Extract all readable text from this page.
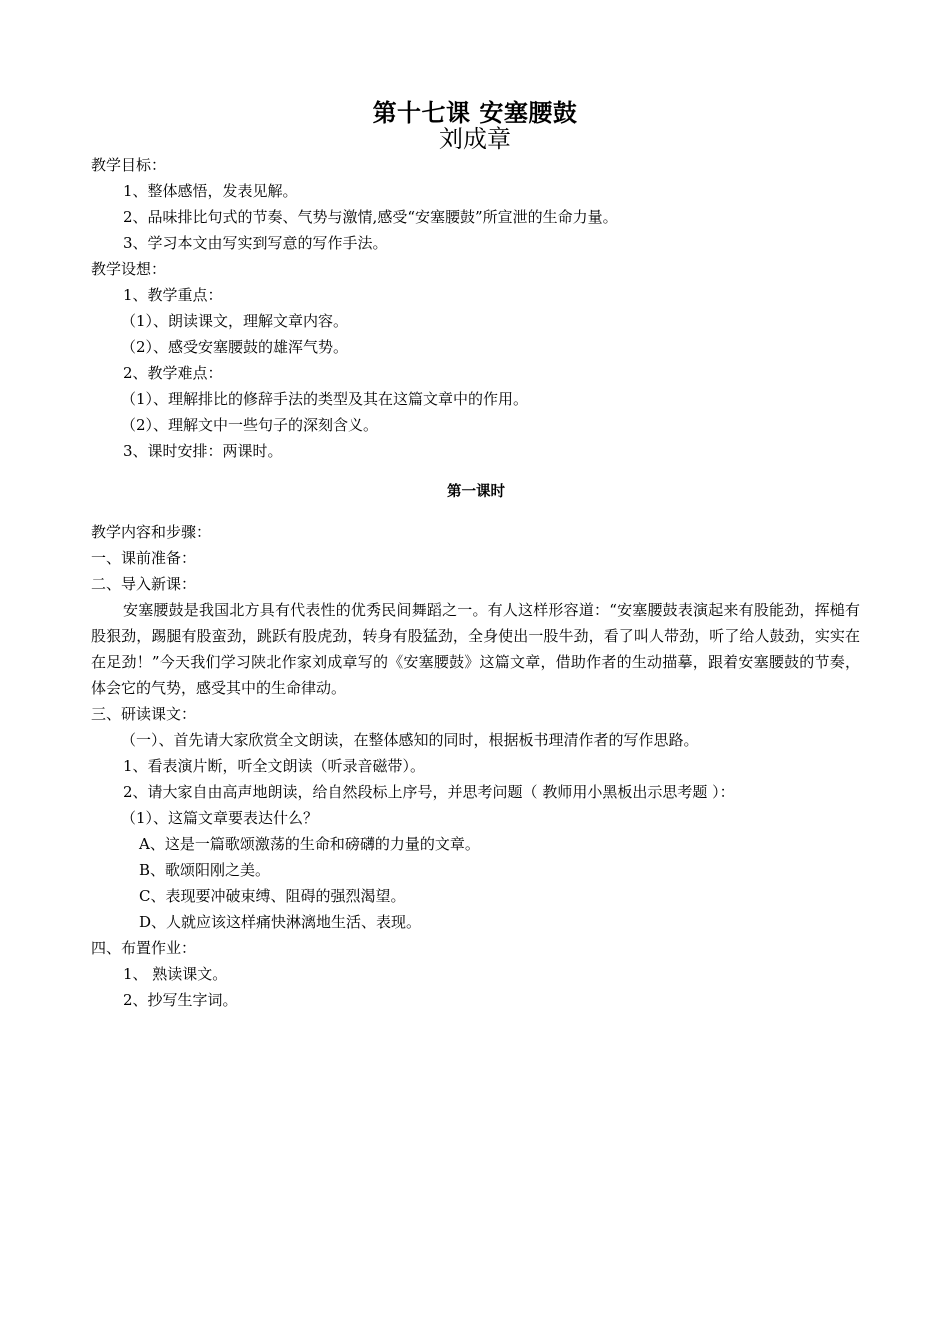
第十七课 安塞腰鼓
刘成章

教学目标：

1、整体感悟，发表见解。

2、品味排比句式的节奏、气势与激情,感受“安塞腰鼓”所宣泄的生命力量。

3、学习本文由写实到写意的写作手法。

教学设想：

1、教学重点：

（1）、朗读课文，理解文章内容。

（2）、感受安塞腰鼓的雄浑气势。

2、教学难点：

（1）、理解排比的修辞手法的类型及其在这篇文章中的作用。

（2）、理解文中一些句子的深刻含义。

3、课时安排：两课时。

第一课时

教学内容和步骤：

一、课前准备：

二、导入新课：

安塞腰鼓是我国北方具有代表性的优秀民间舞蹈之一。有人这样形容道：“安塞腰鼓表演起来有股能劲，挥槌有股狠劲，踢腿有股蛮劲，跳跃有股虎劲，转身有股猛劲，全身使出一股牛劲，看了叫人带劲，听了给人鼓劲，实实在在足劲！”今天我们学习陕北作家刘成章写的《安塞腰鼓》这篇文章，借助作者的生动描摹，跟着安塞腰鼓的节奏，体会它的气势，感受其中的生命律动。

三、研读课文：

（一）、首先请大家欣赏全文朗读，在整体感知的同时，根据板书理清作者的写作思路。

1、看表演片断，听全文朗读（听录音磁带）。

2、请大家自由高声地朗读，给自然段标上序号，并思考问题（ 教师用小黑板出示思考题 ）：

（1）、这篇文章要表达什么？

A、这是一篇歌颂激荡的生命和磅礴的力量的文章。

B、歌颂阳刚之美。

C、表现要冲破束缚、阻碍的强烈渴望。

D、人就应该这样痛快淋漓地生活、表现。

四、布置作业：

1、 熟读课文。

2、抄写生字词。
